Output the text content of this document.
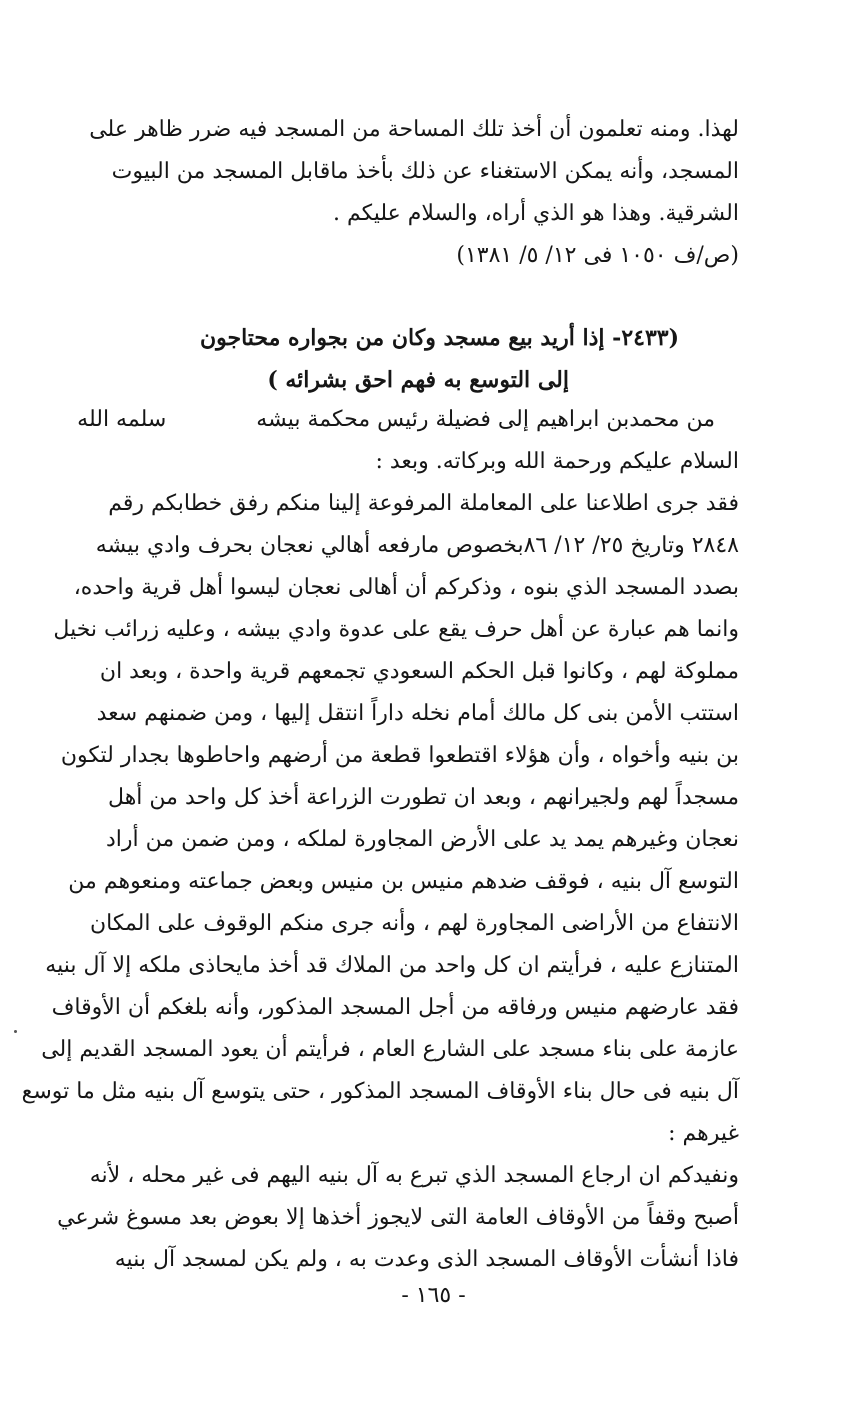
لهذا. ومنه تعلمون أن أخذ تلك المساحة من المسجد فيه ضرر ظاهر على
المسجد، وأنه يمكن الاستغناء عن ذلك بأخذ ماقابل المسجد من البيوت
الشرقية. وهذا هو الذي أراه، والسلام عليكم .
(ص/ف ١٠٥٠ فى ١٢/ ٥/ ١٣٨١)
(٢٤٣٣- إذا أريد بيع مسجد وكان من بجواره محتاجون
إلى التوسع به فهم احق بشرائه )
من محمدبن ابراهيم إلى فضيلة رئيس محكمة بيشهسلمه الله
السلام عليكم ورحمة الله وبركاته. وبعد :
فقد جرى اطلاعنا على المعاملة المرفوعة إلينا منكم رفق خطابكم رقم
٢٨٤٨ وتاريخ ٢٥/ ١٢/ ٨٦بخصوص مارفعه أهالي نعجان بحرف وادي بيشه
بصدد المسجد الذي بنوه ، وذكركم أن أهالى نعجان ليسوا أهل قرية واحده،
وانما هم عبارة عن أهل حرف يقع على عدوة وادي بيشه ، وعليه زرائب نخيل
مملوكة لهم ، وكانوا قبل الحكم السعودي تجمعهم قرية واحدة ، وبعد ان
استتب الأمن بنى كل مالك أمام نخله داراً انتقل إليها ، ومن ضمنهم سعد
بن بنيه وأخواه ، وأن هؤلاء اقتطعوا قطعة من أرضهم واحاطوها بجدار لتكون
مسجداً لهم ولجيرانهم ، وبعد ان تطورت الزراعة أخذ كل واحد من أهل
نعجان وغيرهم يمد يد على الأرض المجاورة لملكه ، ومن ضمن من أراد
التوسع آل بنيه ، فوقف ضدهم منيس بن منيس وبعض جماعته ومنعوهم من
الانتفاع من الأراضى المجاورة لهم ، وأنه جرى منكم الوقوف على المكان
المتنازع عليه ، فرأيتم ان كل واحد من الملاك قد أخذ مايحاذى ملكه إلا آل بنيه
فقد عارضهم منيس ورفاقه من أجل المسجد المذكور، وأنه بلغكم أن الأوقاف
عازمة على بناء مسجد على الشارع العام ، فرأيتم أن يعود المسجد القديم إلى
آل بنيه فى حال بناء الأوقاف المسجد المذكور ، حتى يتوسع آل بنيه مثل ما توسع
غيرهم :
ونفيدكم ان ارجاع المسجد الذي تبرع به آل بنيه اليهم فى غير محله ، لأنه
أصبح وقفاً من الأوقاف العامة التى لايجوز أخذها إلا بعوض بعد مسوغ شرعي
فاذا أنشأت الأوقاف المسجد الذى وعدت به ، ولم يكن لمسجد آل بنيه
- ١٦٥ -
